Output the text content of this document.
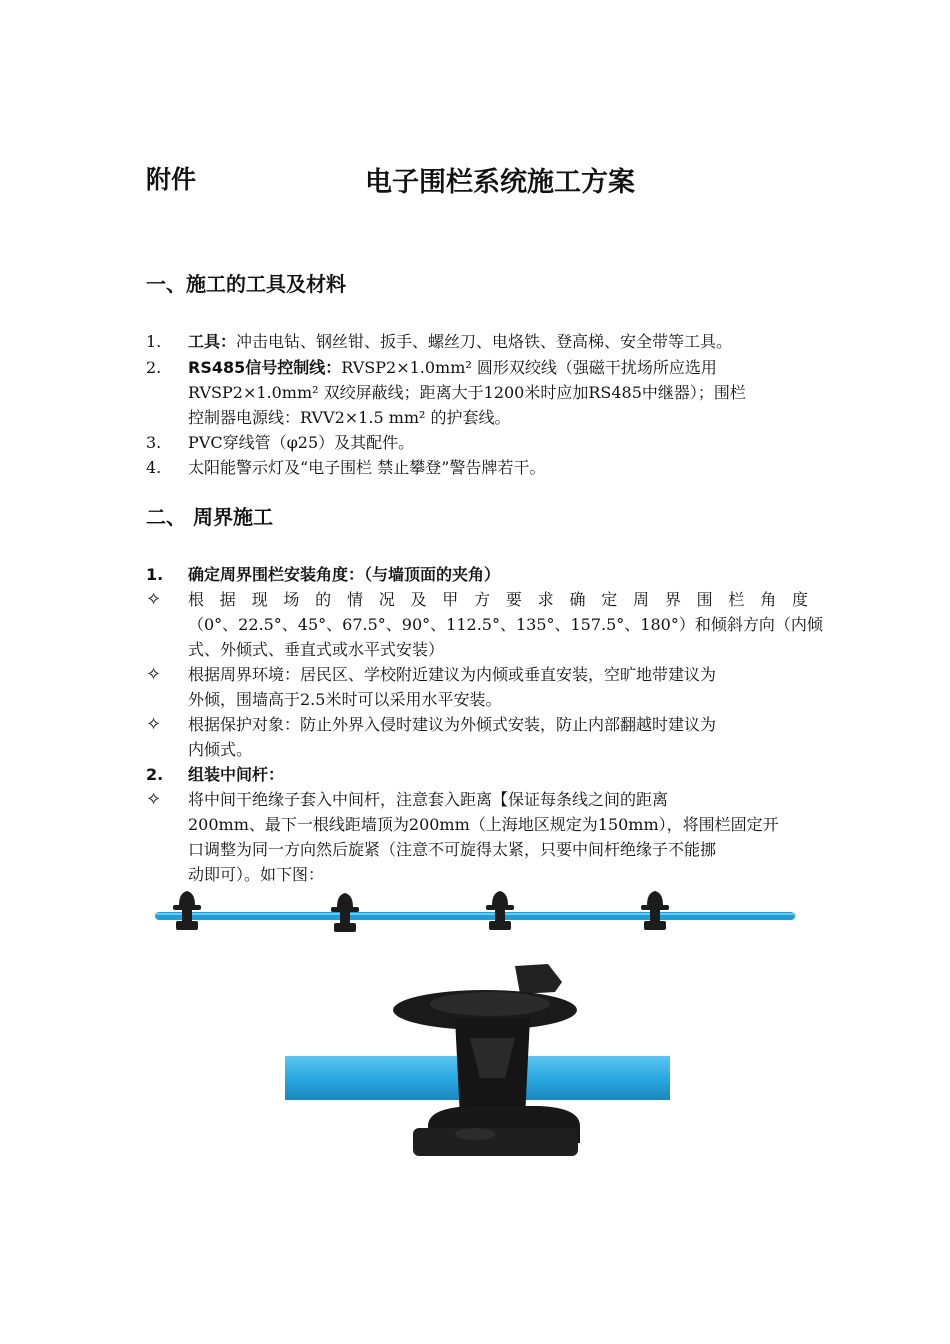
附件	电子围栏系统施工方案
一、施工的工具及材料
1. 工具：冲击电钻、钢丝钳、扳手、螺丝刀、电烙铁、登高梯、安全带等工具。
2. RS485信号控制线：RVSP2×1.0mm² 圆形双绞线（强磁干扰场所应选用
RVSP2×1.0mm² 双绞屏蔽线；距离大于1200米时应加RS485中继器）；围栏
控制器电源线：RVV2×1.5 mm² 的护套线。
3. PVC穿线管（φ25）及其配件。
4. 太阳能警示灯及“电子围栏 禁止攀登”警告牌若干。
二、 周界施工
1. 确定周界围栏安装角度：（与墙顶面的夹角）
✧ 根据现场的情况及甲方要求确定周界围栏角度
（0°、22.5°、45°、67.5°、90°、112.5°、135°、157.5°、180°）和倾斜方向（内倾
式、外倾式、垂直式或水平式安装）
✧ 根据周界环境：居民区、学校附近建议为内倾或垂直安装，空旷地带建议为
外倾，围墙高于2.5米时可以采用水平安装。
✧ 根据保护对象：防止外界入侵时建议为外倾式安装，防止内部翻越时建议为
内倾式。
2. 组装中间杆：
✧ 将中间干绝缘子套入中间杆，注意套入距离【保证每条线之间的距离
200mm、最下一根线距墙顶为200mm（上海地区规定为150mm），将围栏固定开
口调整为同一方向然后旋紧（注意不可旋得太紧，只要中间杆绝缘子不能挪
动即可）。如下图：
